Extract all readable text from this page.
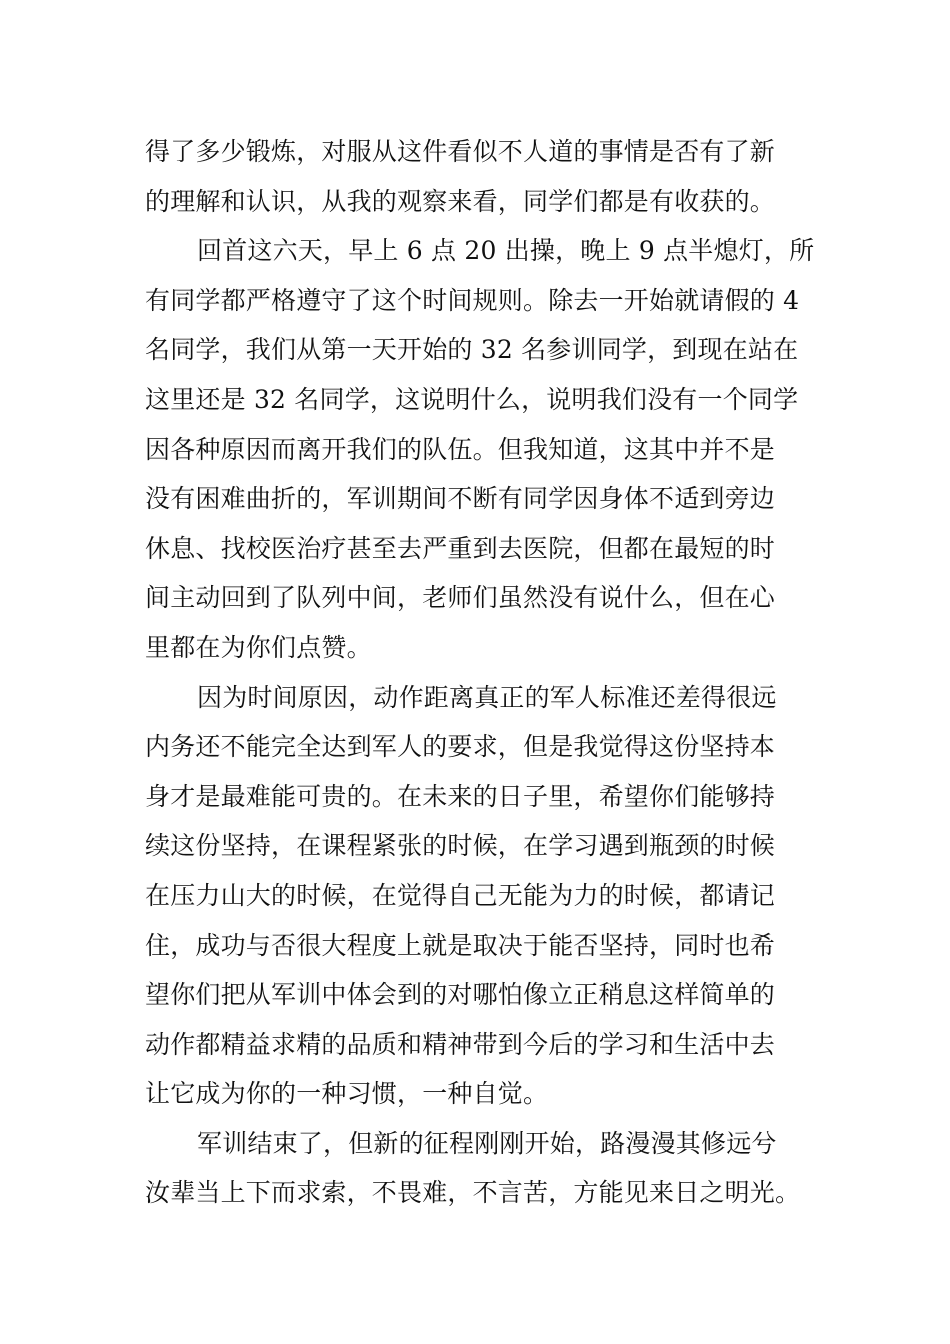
得了多少锻炼，对服从这件看似不人道的事情是否有了新
的理解和认识，从我的观察来看，同学们都是有收获的。
回首这六天，早上 6 点 20 出操，晚上 9 点半熄灯，所
有同学都严格遵守了这个时间规则。除去一开始就请假的 4
名同学，我们从第一天开始的 32 名参训同学，到现在站在
这里还是 32 名同学，这说明什么，说明我们没有一个同学
因各种原因而离开我们的队伍。但我知道，这其中并不是
没有困难曲折的，军训期间不断有同学因身体不适到旁边
休息、找校医治疗甚至去严重到去医院，但都在最短的时
间主动回到了队列中间，老师们虽然没有说什么，但在心
里都在为你们点赞。
因为时间原因，动作距离真正的军人标准还差得很远
内务还不能完全达到军人的要求，但是我觉得这份坚持本
身才是最难能可贵的。在未来的日子里，希望你们能够持
续这份坚持，在课程紧张的时候，在学习遇到瓶颈的时候
在压力山大的时候，在觉得自己无能为力的时候，都请记
住，成功与否很大程度上就是取决于能否坚持，同时也希
望你们把从军训中体会到的对哪怕像立正稍息这样简单的
动作都精益求精的品质和精神带到今后的学习和生活中去
让它成为你的一种习惯，一种自觉。
军训结束了，但新的征程刚刚开始，路漫漫其修远兮
汝辈当上下而求索，不畏难，不言苦，方能见来日之明光。
